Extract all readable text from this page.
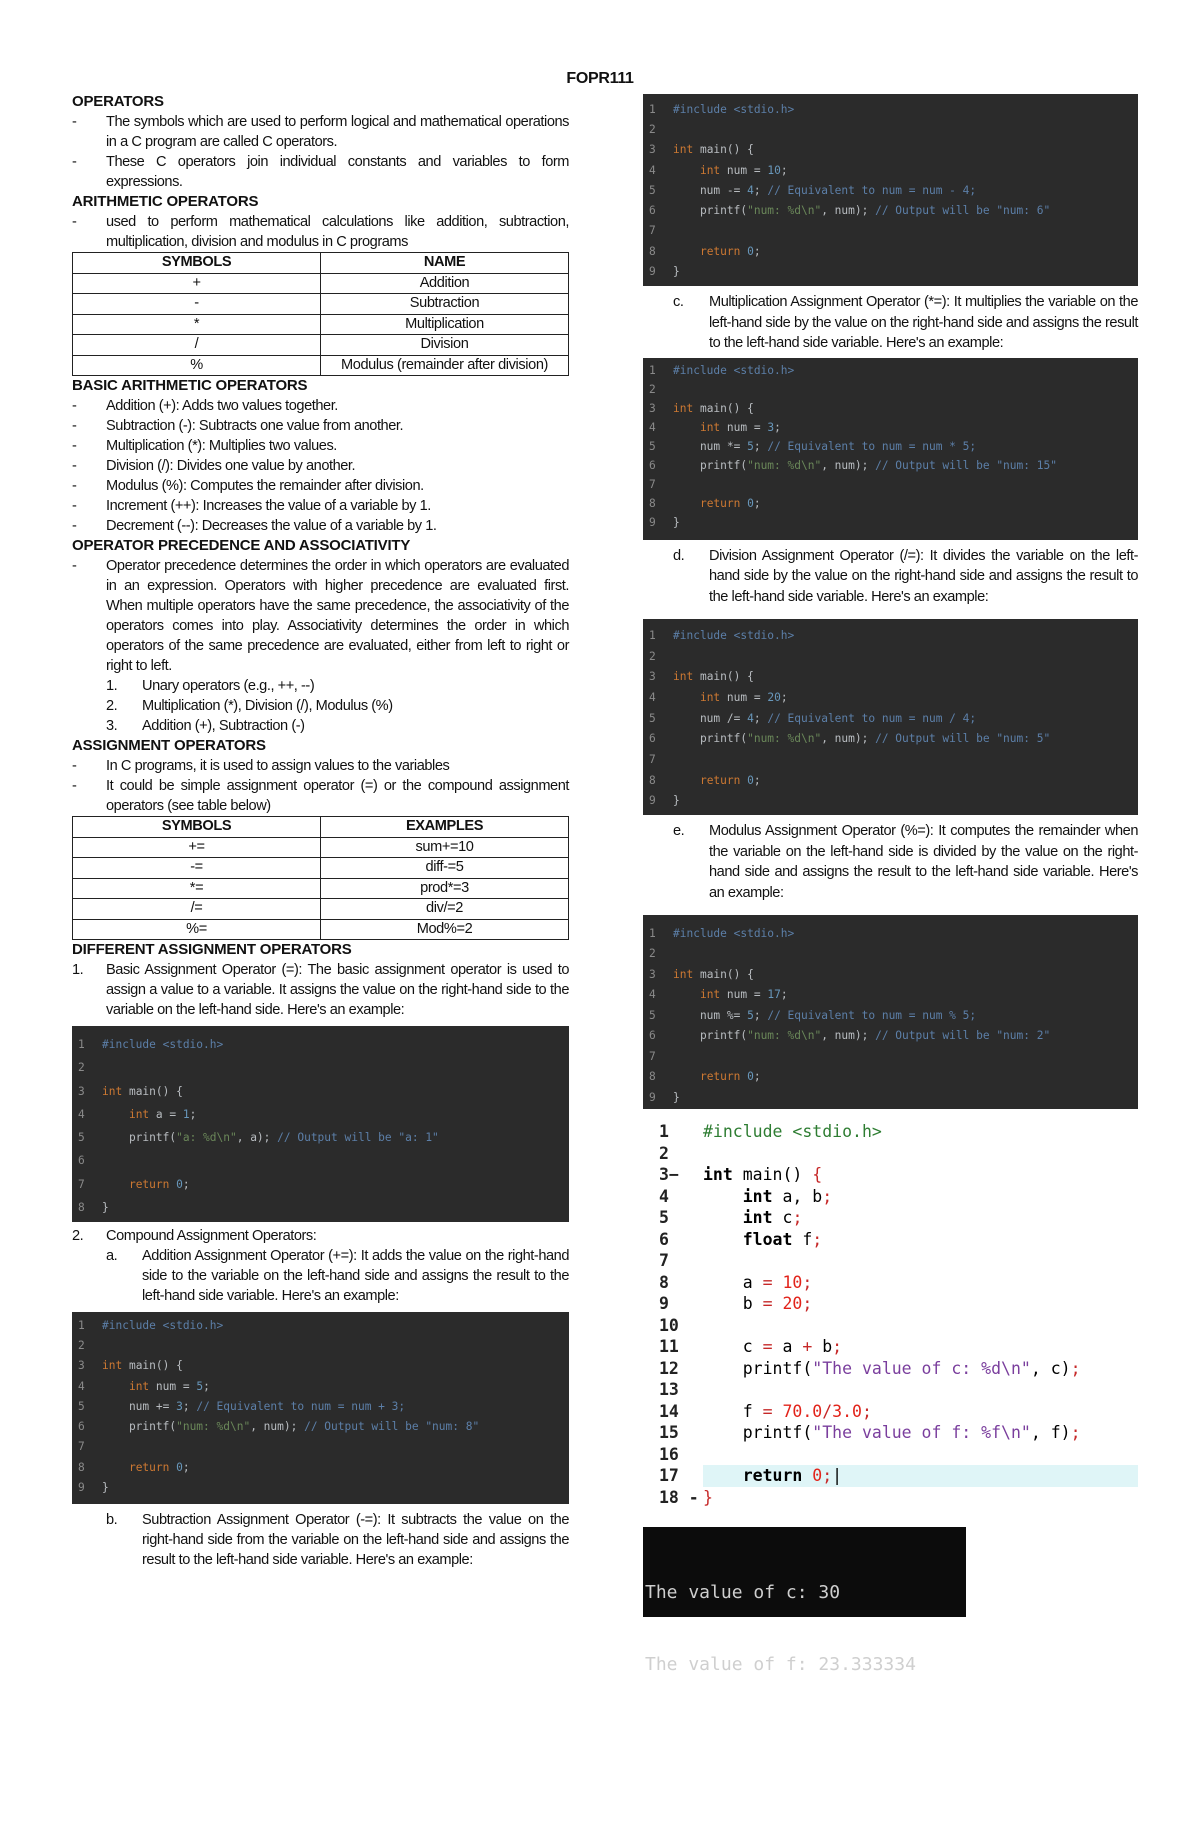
FOPR111
OPERATORS
- The symbols which are used to perform logical and mathematical operations in a C program are called C operators.
- These C operators join individual constants and variables to form expressions.
ARITHMETIC OPERATORS
- used to perform mathematical calculations like addition, subtraction, multiplication, division and modulus in C programs
SYMBOLS	NAME
+	Addition
-	Subtraction
*	Multiplication
/	Division
%	Modulus (remainder after division)
BASIC ARITHMETIC OPERATORS
- Addition (+): Adds two values together.
- Subtraction (-): Subtracts one value from another.
- Multiplication (*): Multiplies two values.
- Division (/): Divides one value by another.
- Modulus (%): Computes the remainder after division.
- Increment (++): Increases the value of a variable by 1.
- Decrement (--): Decreases the value of a variable by 1.
OPERATOR PRECEDENCE AND ASSOCIATIVITY
- Operator precedence determines the order in which operators are evaluated in an expression. Operators with higher precedence are evaluated first. When multiple operators have the same precedence, the associativity of the operators comes into play. Associativity determines the order in which operators of the same precedence are evaluated, either from left to right or right to left.
1. Unary operators (e.g., ++, --)
2. Multiplication (*), Division (/), Modulus (%)
3. Addition (+), Subtraction (-)
ASSIGNMENT OPERATORS
- In C programs, it is used to assign values to the variables
- It could be simple assignment operator (=) or the compound assignment operators (see table below)
SYMBOLS	EXAMPLES
+=	sum+=10
-=	diff-=5
*=	prod*=3
/=	div/=2
%=	Mod%=2
DIFFERENT ASSIGNMENT OPERATORS
1. Basic Assignment Operator (=): The basic assignment operator is used to assign a value to a variable. It assigns the value on the right-hand side to the variable on the left-hand side. Here's an example:
1	#include <stdio.h>
2
3	int main() {
4	int a = 1;
5	printf("a: %d\n", a); // Output will be "a: 1"
6
7	return 0;
8	}
2. Compound Assignment Operators:
a. Addition Assignment Operator (+=): It adds the value on the right-hand side to the variable on the left-hand side and assigns the result to the left-hand side variable. Here's an example:
1	#include <stdio.h>
2
3	int main() {
4	int num = 5;
5	num += 3; // Equivalent to num = num + 3;
6	printf("num: %d\n", num); // Output will be "num: 8"
7
8	return 0;
9	}
b. Subtraction Assignment Operator (-=): It subtracts the value on the right-hand side from the variable on the left-hand side and assigns the result to the left-hand side variable. Here's an example:
1	#include <stdio.h>
2
3	int main() {
4	int num = 10;
5	num -= 4; // Equivalent to num = num - 4;
6	printf("num: %d\n", num); // Output will be "num: 6"
7
8	return 0;
9	}
c. Multiplication Assignment Operator (*=): It multiplies the variable on the left-hand side by the value on the right-hand side and assigns the result to the left-hand side variable. Here's an example:
1	#include <stdio.h>
2
3	int main() {
4	int num = 3;
5	num *= 5; // Equivalent to num = num * 5;
6	printf("num: %d\n", num); // Output will be "num: 15"
7
8	return 0;
9	}
d. Division Assignment Operator (/=): It divides the variable on the left-hand side by the value on the right-hand side and assigns the result to the left-hand side variable. Here's an example:
1	#include <stdio.h>
2
3	int main() {
4	int num = 20;
5	num /= 4; // Equivalent to num = num / 4;
6	printf("num: %d\n", num); // Output will be "num: 5"
7
8	return 0;
9	}
e. Modulus Assignment Operator (%=): It computes the remainder when the variable on the left-hand side is divided by the value on the right-hand side and assigns the result to the left-hand side variable. Here's an example:
1	#include <stdio.h>
2
3	int main() {
4	int num = 17;
5	num %= 5; // Equivalent to num = num % 5;
6	printf("num: %d\n", num); // Output will be "num: 2"
7
8	return 0;
9	}
1	#include <stdio.h>
2
3−	int main() {
4	int a, b;
5	int c;
6	float f;
7
8	a = 10;
9	b = 20;
10
11	c = a + b;
12	printf("The value of c: %d\n", c);
13
14	f = 70.0/3.0;
15	printf("The value of f: %f\n", f);
16
17	return 0;|
18 - }

The value of c: 30

The value of f: 23.333334
